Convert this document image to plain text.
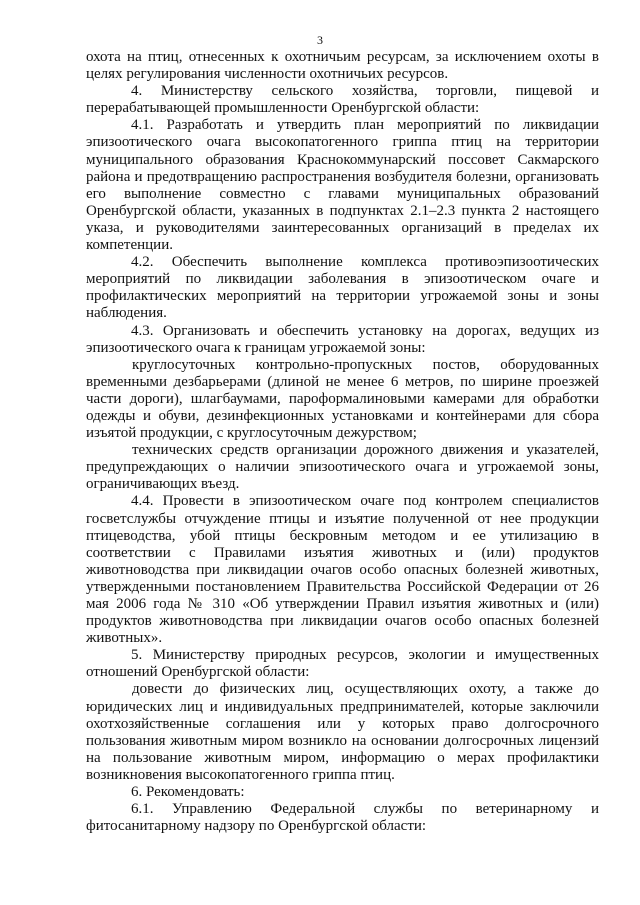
3

охота на птиц, отнесенных к охотничьим ресурсам, за исключением охоты в целях регулирования численности охотничьих ресурсов.

4. Министерству сельского хозяйства, торговли, пищевой и перерабатывающей промышленности Оренбургской области:

4.1. Разработать и утвердить план мероприятий по ликвидации эпизоотического очага высокопатогенного гриппа птиц на территории муниципального образования Краснокоммунарский поссовет Сакмарского района и предотвращению распространения возбудителя болезни, организовать его выполнение совместно с главами муниципальных образований Оренбургской области, указанных в подпунктах 2.1–2.3 пункта 2 настоящего указа, и руководителями заинтересованных организаций в пределах их компетенции.

4.2. Обеспечить выполнение комплекса противоэпизоотических мероприятий по ликвидации заболевания в эпизоотическом очаге и профилактических мероприятий на территории угрожаемой зоны и зоны наблюдения.

4.3. Организовать и обеспечить установку на дорогах, ведущих из эпизоотического очага к границам угрожаемой зоны:

круглосуточных контрольно-пропускных постов, оборудованных временными дезбарьерами (длиной не менее 6 метров, по ширине проезжей части дороги), шлагбаумами, пароформалиновыми камерами для обработки одежды и обуви, дезинфекционных установками и контейнерами для сбора изъятой продукции, с круглосуточным дежурством;

технических средств организации дорожного движения и указателей, предупреждающих о наличии эпизоотического очага и угрожаемой зоны, ограничивающих въезд.

4.4. Провести в эпизоотическом очаге под контролем специалистов госветслужбы отчуждение птицы и изъятие полученной от нее продукции птицеводства, убой птицы бескровным методом и ее утилизацию в соответствии с Правилами изъятия животных и (или) продуктов животноводства при ликвидации очагов особо опасных болезней животных, утвержденными постановлением Правительства Российской Федерации от 26 мая 2006 года № 310 «Об утверждении Правил изъятия животных и (или) продуктов животноводства при ликвидации очагов особо опасных болезней животных».

5. Министерству природных ресурсов, экологии и имущественных отношений Оренбургской области:

довести до физических лиц, осуществляющих охоту, а также до юридических лиц и индивидуальных предпринимателей, которые заключили охотхозяйственные соглашения или у которых право долгосрочного пользования животным миром возникло на основании долгосрочных лицензий на пользование животным миром, информацию о мерах профилактики возникновения высокопатогенного гриппа птиц.

6. Рекомендовать:

6.1. Управлению Федеральной службы по ветеринарному и фитосанитарному надзору по Оренбургской области:
